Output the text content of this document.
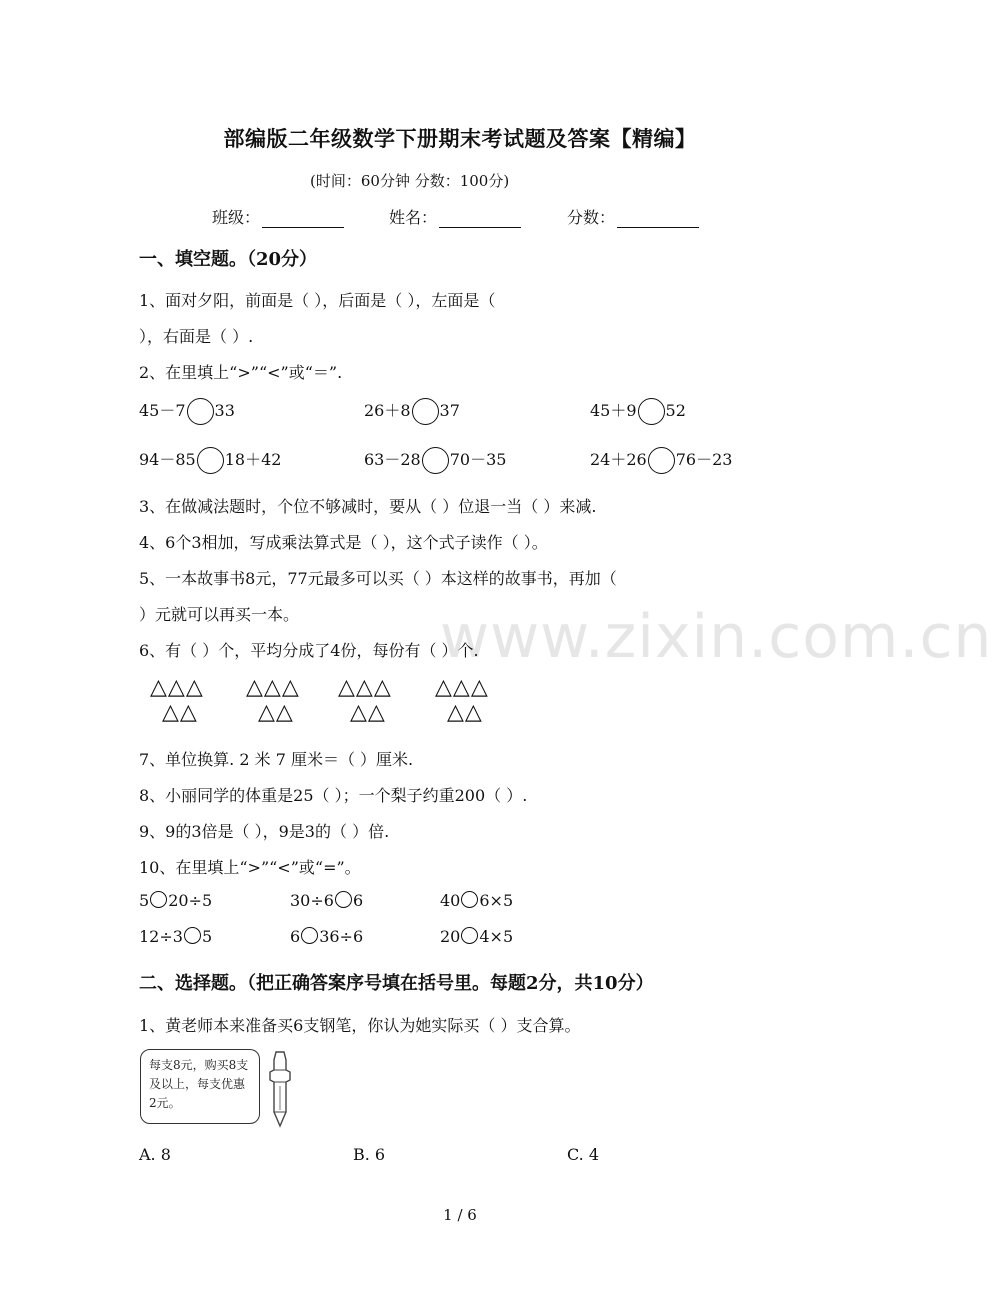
www.zixin.com.cn
部编版二年级数学下册期末考试题及答案【精编】
(时间：60分钟 分数：100分)
班级：	姓名：	分数：
一、填空题。（20分）
1、面对夕阳，前面是（ ），后面是（ ），左面是（
），右面是（ ）.
2、在里填上“>”“<”或“＝”.
45－7 33	26＋8 37	45＋9 52
94－85 18＋42	63－28 70－35	24＋26 76－23
3、在做减法题时，个位不够减时，要从（ ）位退一当（ ）来减.
4、6个3相加，写成乘法算式是（ ），这个式子读作（ ）。
5、一本故事书8元，77元最多可以买（ ）本这样的故事书，再加（
）元就可以再买一本。
6、有（ ）个，平均分成了4份，每份有（ ）个.
△△△
△△
△△△
△△
△△△
△△
△△△
△△
7、单位换算. 2 米 7 厘米＝（ ）厘米.
8、小丽同学的体重是25（ ）；一个梨子约重200（ ）.
9、9的3倍是（ ），9是3的（ ）倍.
10、在里填上“>”“<”或“=”。
5 20÷5	30÷6 6	40 6×5
12÷3 5	6 36÷6	20 4×5
二、选择题。（把正确答案序号填在括号里。每题2分，共10分）
1、黄老师本来准备买6支钢笔，你认为她实际买（ ）支合算。
每支8元，购买8支及以上，每支优惠2元。
A. 8	B. 6	C. 4
1 / 6
